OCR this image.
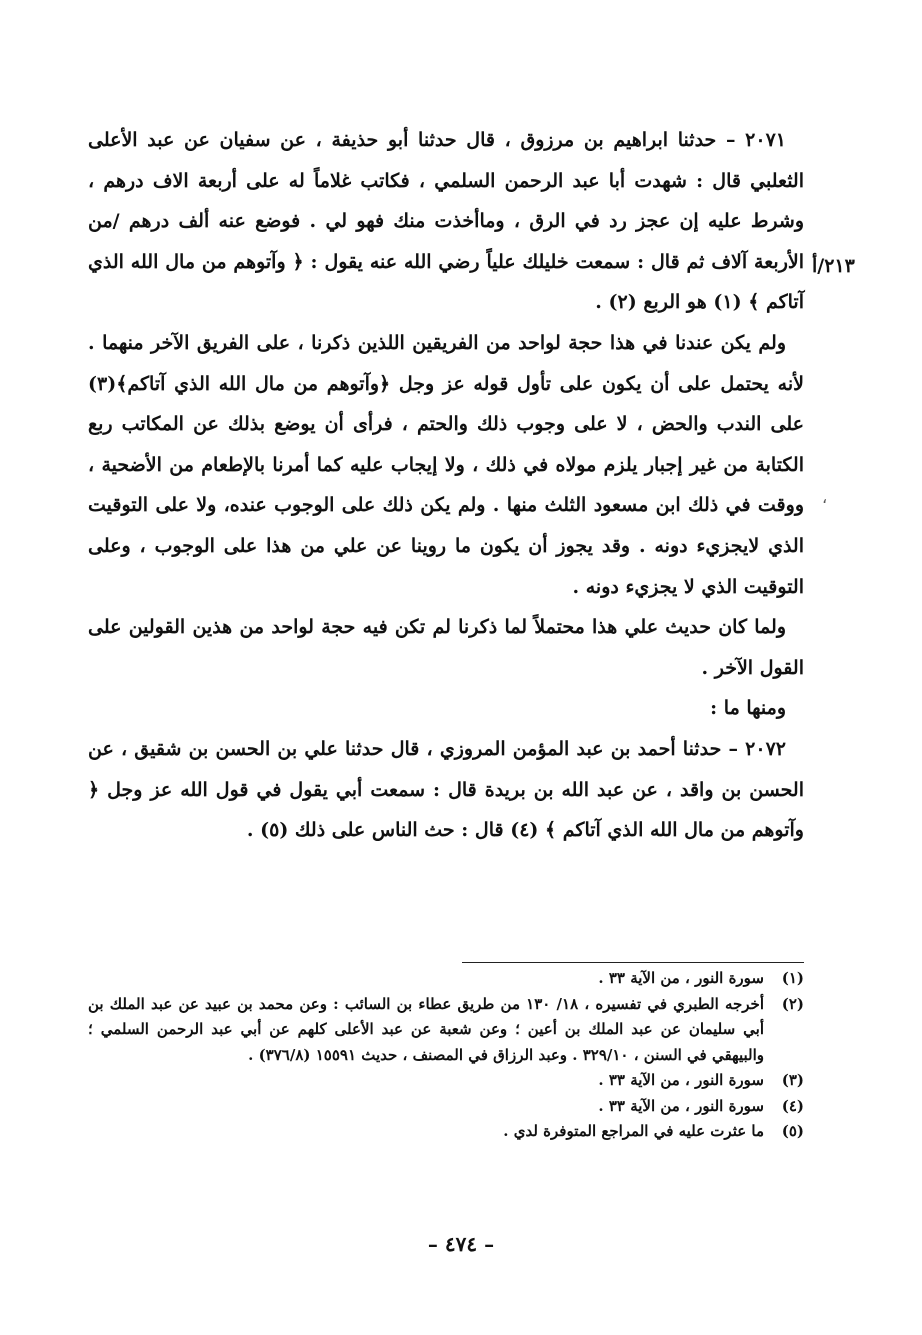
٢٠٧١ – حدثنا ابراهيم بن مرزوق ، قال حدثنا أبو حذيفة ، عن سفيان عن عبد الأعلى الثعلبي قال : شهدت أبا عبد الرحمن السلمي ، فكاتب غلاماً له على أربعة الاف درهم ، وشرط عليه إن عجز رد في الرق ، وماأخذت منك فهو لي . فوضع عنه ألف درهم /من الأربعة آلاف ثم قال : سمعت خليلك علياً رضي الله عنه يقول : ﴿ وآتوهم من مال الله الذي آتاكم ﴾ (١) هو الربع (٢) .

ولم يكن عندنا في هذا حجة لواحد من الفريقين اللذين ذكرنا ، على الفريق الآخر منهما . لأنه يحتمل على أن يكون على تأول قوله عز وجل ﴿وآتوهم من مال الله الذي آتاكم﴾(٣) على الندب والحض ، لا على وجوب ذلك والحتم ، فرأى أن يوضع بذلك عن المكاتب ربع الكتابة من غير إجبار يلزم مولاه في ذلك ، ولا إيجاب عليه كما أمرنا بالإطعام من الأضحية ، ووقت في ذلك ابن مسعود الثلث منها . ولم يكن ذلك على الوجوب عنده، ولا على التوقيت الذي لايجزيء دونه . وقد يجوز أن يكون ما روينا عن علي من هذا على الوجوب ، وعلى التوقيت الذي لا يجزيء دونه .

ولما كان حديث علي هذا محتملاً لما ذكرنا لم تكن فيه حجة لواحد من هذين القولين على القول الآخر .

ومنها ما :

٢٠٧٢ – حدثنا أحمد بن عبد المؤمن المروزي ، قال حدثنا علي بن الحسن بن شقيق ، عن الحسن بن واقد ، عن عبد الله بن بريدة قال : سمعت أبي يقول في قول الله عز وجل ﴿ وآتوهم من مال الله الذي آتاكم ﴾ (٤) قال : حث الناس على ذلك (٥) .

٢١٣/أ
،
(١)
سورة النور ، من الآية ٣٣ .
(٢)
أخرجه الطبري في تفسيره ، ١٨/ ١٣٠ من طريق عطاء بن السائب : وعن محمد بن عبيد عن عبد الملك بن أبي سليمان عن عبد الملك بن أعين ؛ وعن شعبة عن عبد الأعلى كلهم عن أبي عبد الرحمن السلمي ؛ والبيهقي في السنن ، ٣٢٩/١٠ . وعبد الرزاق في المصنف ، حديث ١٥٥٩١ (٣٧٦/٨) .
(٣)
سورة النور ، من الآية ٣٣ .
(٤)
سورة النور ، من الآية ٣٣ .
(٥)
ما عثرت عليه في المراجع المتوفرة لدي .
– ٤٧٤ –
